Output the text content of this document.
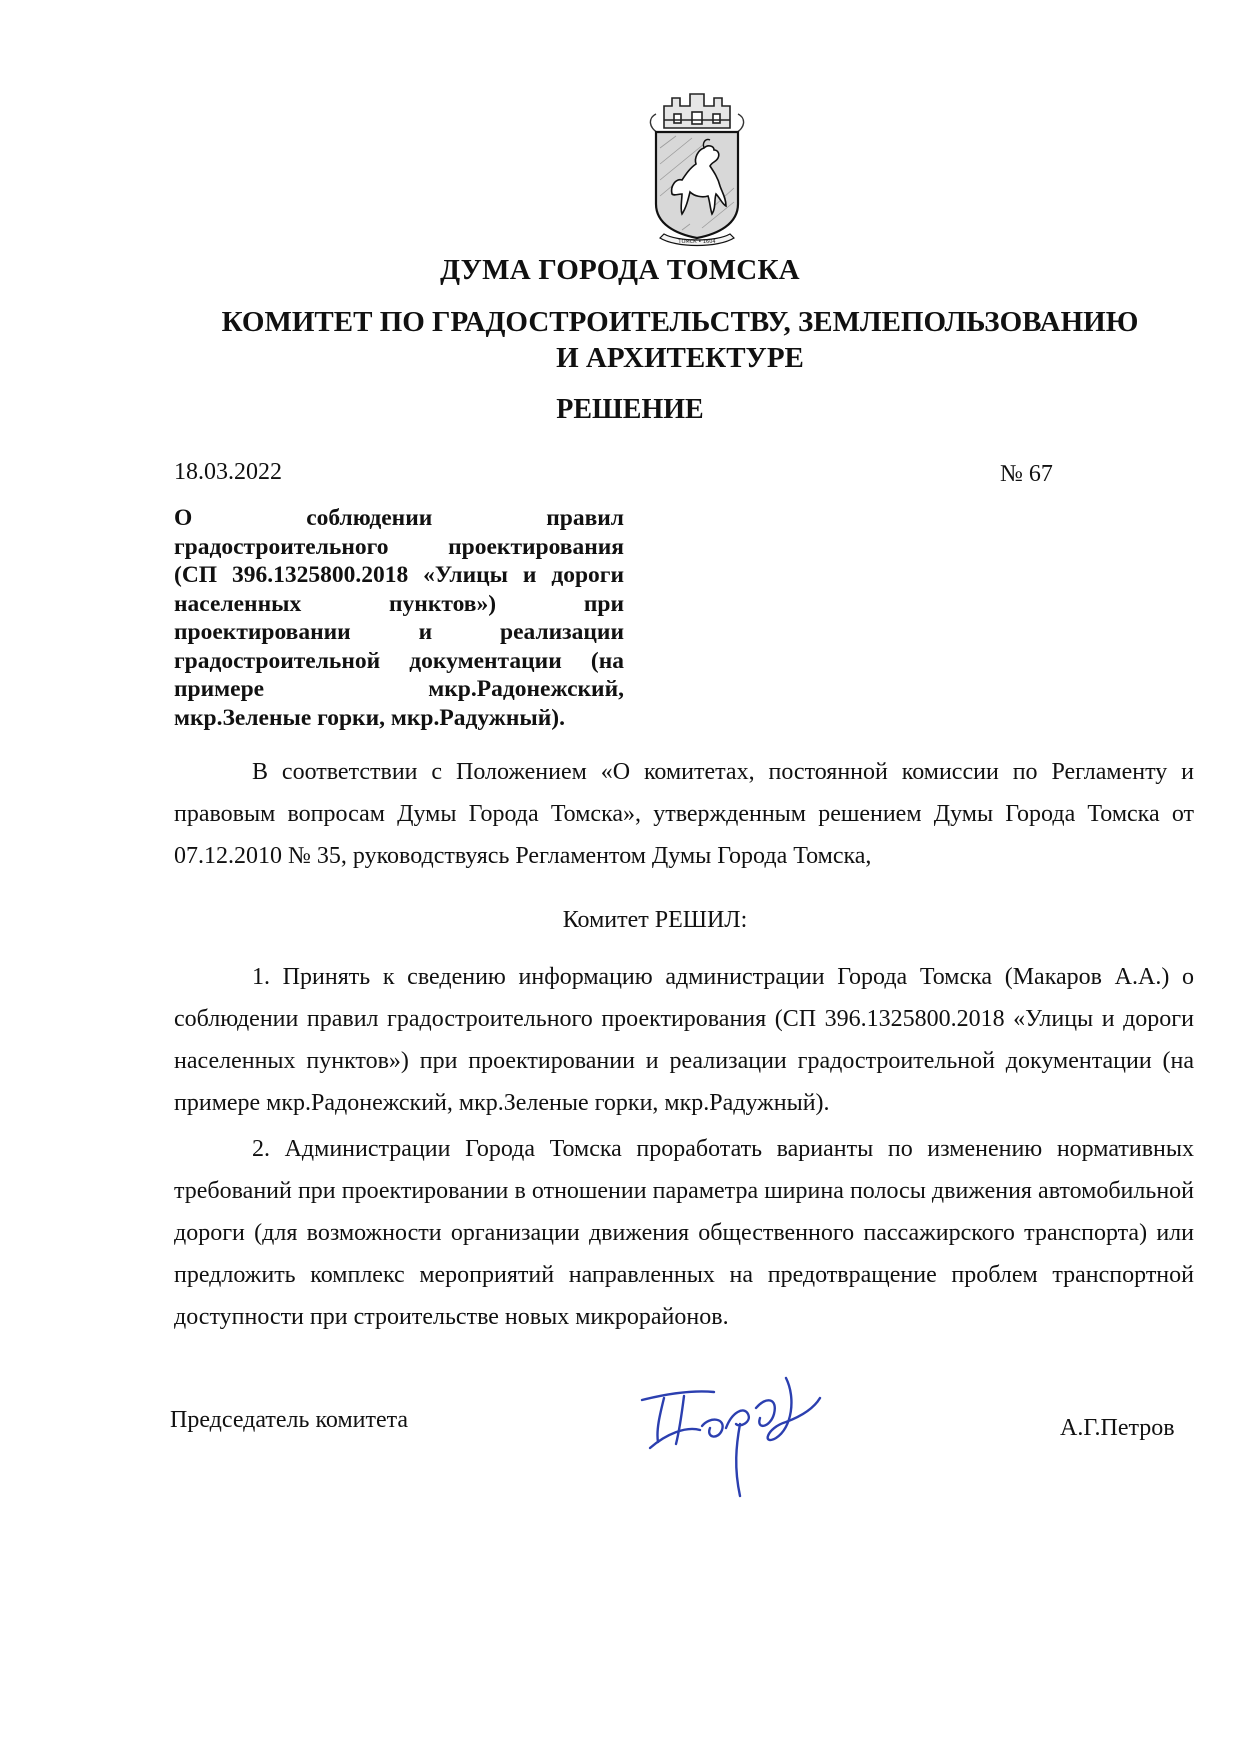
ТОМСК • 1604
ДУМА ГОРОДА ТОМСКА
КОМИТЕТ ПО ГРАДОСТРОИТЕЛЬСТВУ, ЗЕМЛЕПОЛЬЗОВАНИЮ
И АРХИТЕКТУРЕ
РЕШЕНИЕ
18.03.2022	№ 67
О соблюдении правил
градостроительного проектирования
(СП 396.1325800.2018 «Улицы и дороги
населенных пунктов») при
проектировании и реализации
градостроительной документации (на
примере мкр.Радонежский,
мкр.Зеленые горки, мкр.Радужный).

В соответствии с Положением «О комитетах, постоянной комиссии по Регламенту и правовым вопросам Думы Города Томска», утвержденным решением Думы Города Томска от 07.12.2010 № 35, руководствуясь Регламентом Думы Города Томска,

Комитет РЕШИЛ:

1. Принять к сведению информацию администрации Города Томска (Макаров А.А.) о соблюдении правил градостроительного проектирования (СП 396.1325800.2018 «Улицы и дороги населенных пунктов») при проектировании и реализации градостроительной документации (на примере мкр.Радонежский, мкр.Зеленые горки, мкр.Радужный).

2. Администрации Города Томска проработать варианты по изменению нормативных требований при проектировании в отношении параметра ширина полосы движения автомобильной дороги (для возможности организации движения общественного пассажирского транспорта) или предложить комплекс мероприятий направленных на предотвращение проблем транспортной доступности при строительстве новых микрорайонов.

Председатель комитета	А.Г.Петров
